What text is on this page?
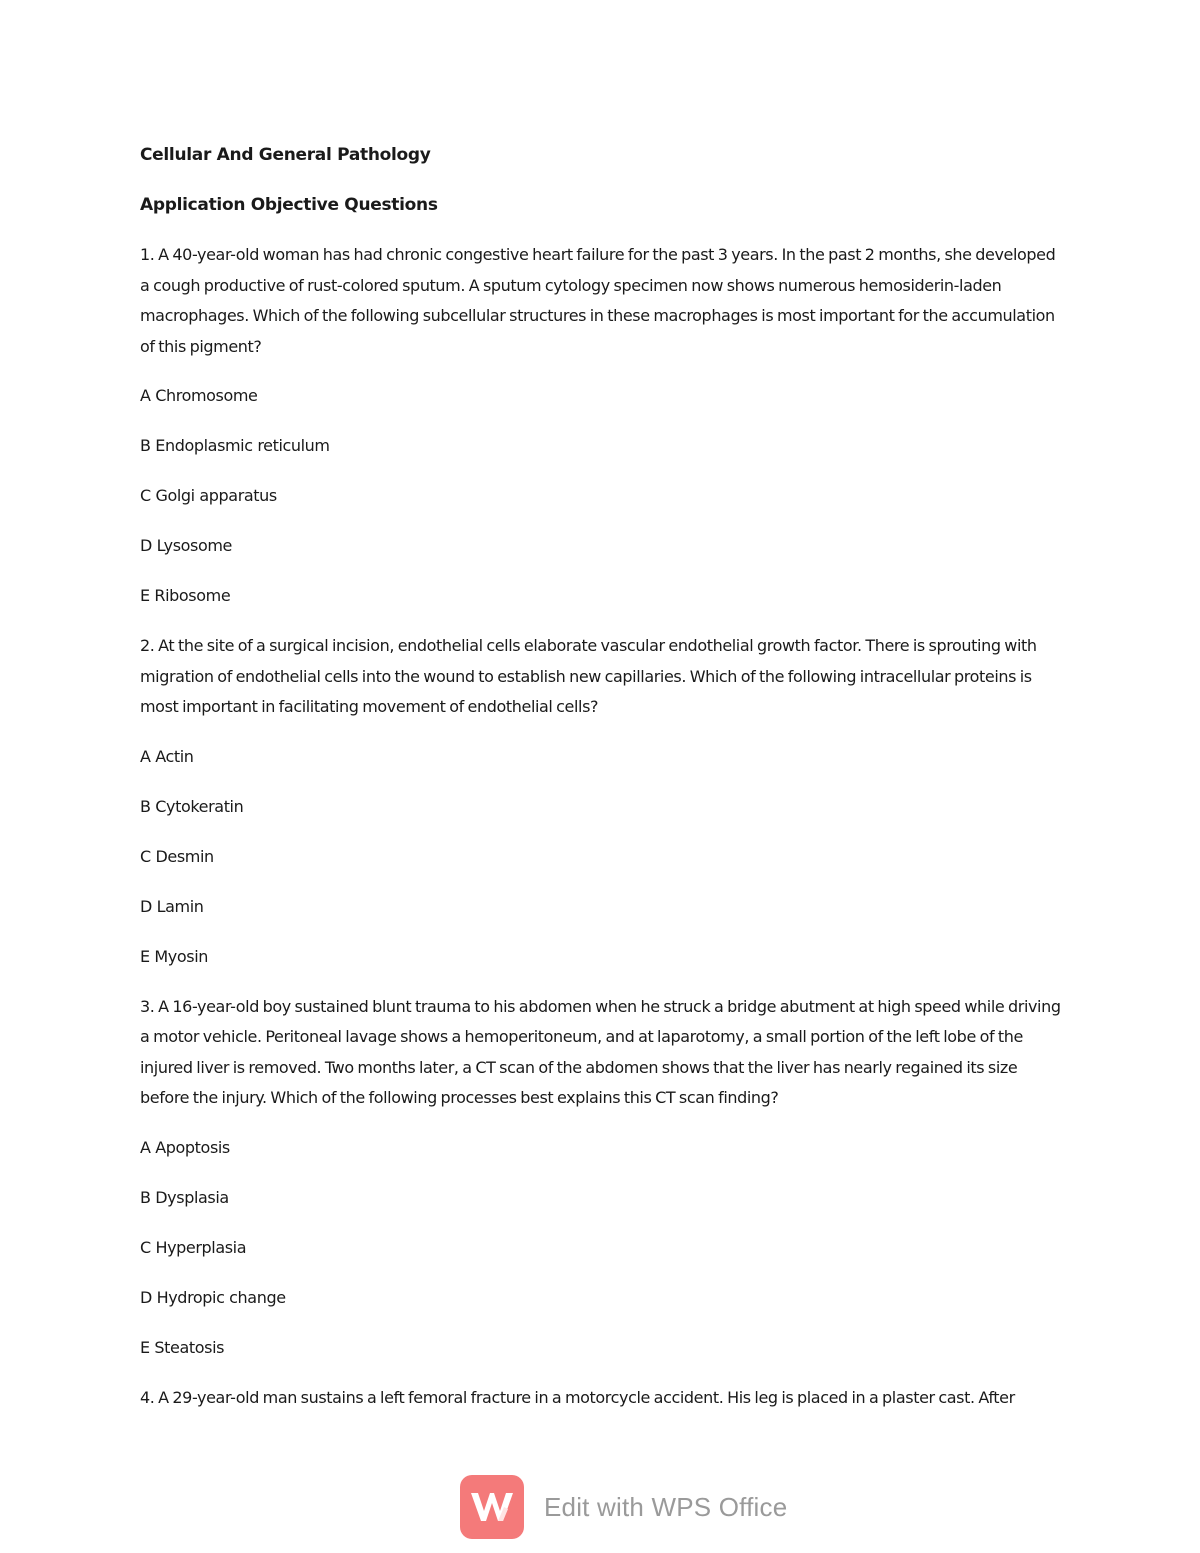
Cellular And General Pathology
Application Objective Questions
1. A 40-year-old woman has had chronic congestive heart failure for the past 3 years. In the past 2 months, she developed a cough productive of rust-colored sputum. A sputum cytology specimen now shows numerous hemosiderin-laden macrophages. Which of the following subcellular structures in these macrophages is most important for the accumulation of this pigment?
A Chromosome
B Endoplasmic reticulum
C Golgi apparatus
D Lysosome
E Ribosome
2. At the site of a surgical incision, endothelial cells elaborate vascular endothelial growth factor. There is sprouting with migration of endothelial cells into the wound to establish new capillaries. Which of the following intracellular proteins is most important in facilitating movement of endothelial cells?
A Actin
B Cytokeratin
C Desmin
D Lamin
E Myosin
3. A 16-year-old boy sustained blunt trauma to his abdomen when he struck a bridge abutment at high speed while driving a motor vehicle. Peritoneal lavage shows a hemoperitoneum, and at laparotomy, a small portion of the left lobe of the injured liver is removed. Two months later, a CT scan of the abdomen shows that the liver has nearly regained its size before the injury. Which of the following processes best explains this CT scan finding?
A Apoptosis
B Dysplasia
C Hyperplasia
D Hydropic change
E Steatosis
4. A 29-year-old man sustains a left femoral fracture in a motorcycle accident. His leg is placed in a plaster cast. After
Edit with WPS Office
